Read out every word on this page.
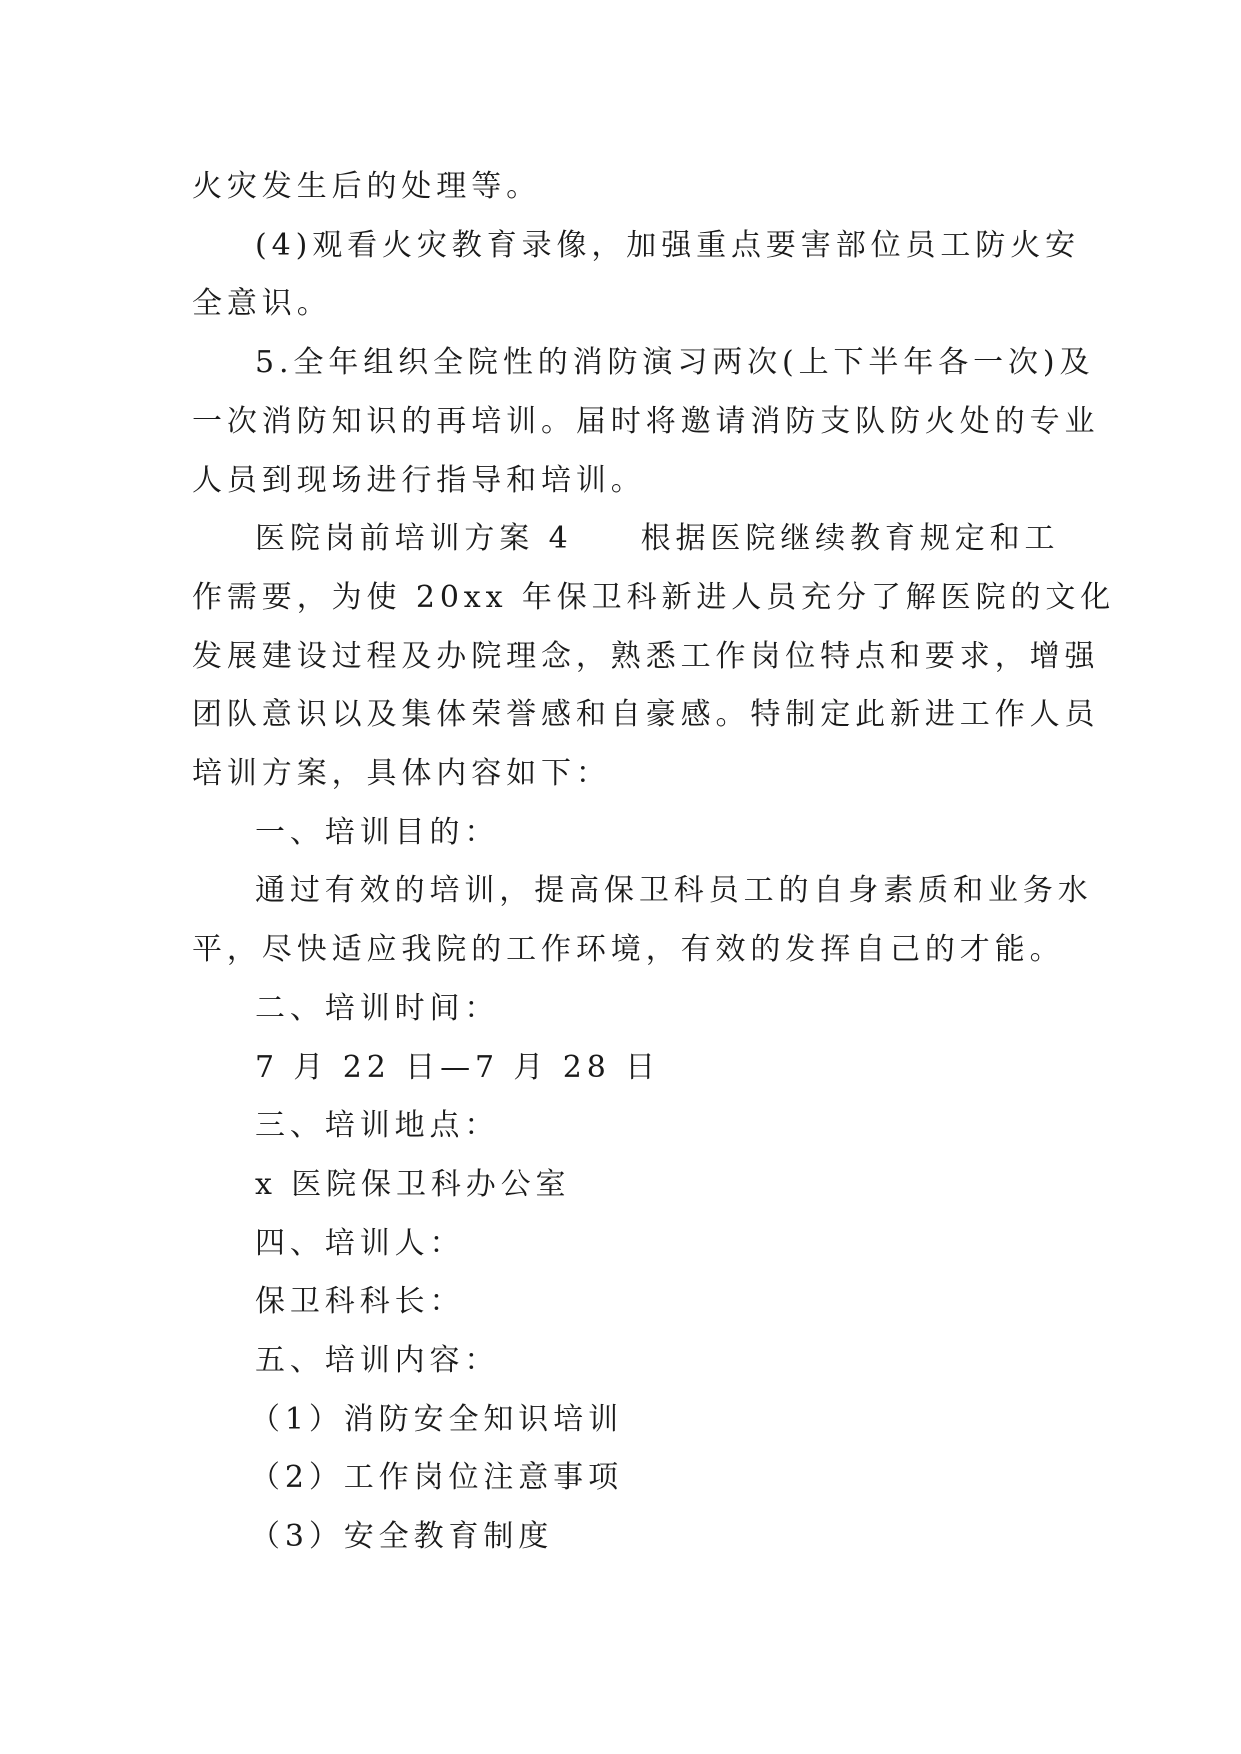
火灾发生后的处理等。

(4)观看火灾教育录像，加强重点要害部位员工防火安

全意识。

5.全年组织全院性的消防演习两次(上下半年各一次)及

一次消防知识的再培训。届时将邀请消防支队防火处的专业

人员到现场进行指导和培训。

医院岗前培训方案 4 根据医院继续教育规定和工

作需要，为使 20xx 年保卫科新进人员充分了解医院的文化

发展建设过程及办院理念，熟悉工作岗位特点和要求，增强

团队意识以及集体荣誉感和自豪感。特制定此新进工作人员

培训方案，具体内容如下：

一、培训目的：

通过有效的培训，提高保卫科员工的自身素质和业务水

平，尽快适应我院的工作环境，有效的发挥自己的才能。

二、培训时间：

7 月 22 日—7 月 28 日

三、培训地点：

x 医院保卫科办公室

四、培训人：

保卫科科长：

五、培训内容：

（1）消防安全知识培训

（2）工作岗位注意事项

（3）安全教育制度
